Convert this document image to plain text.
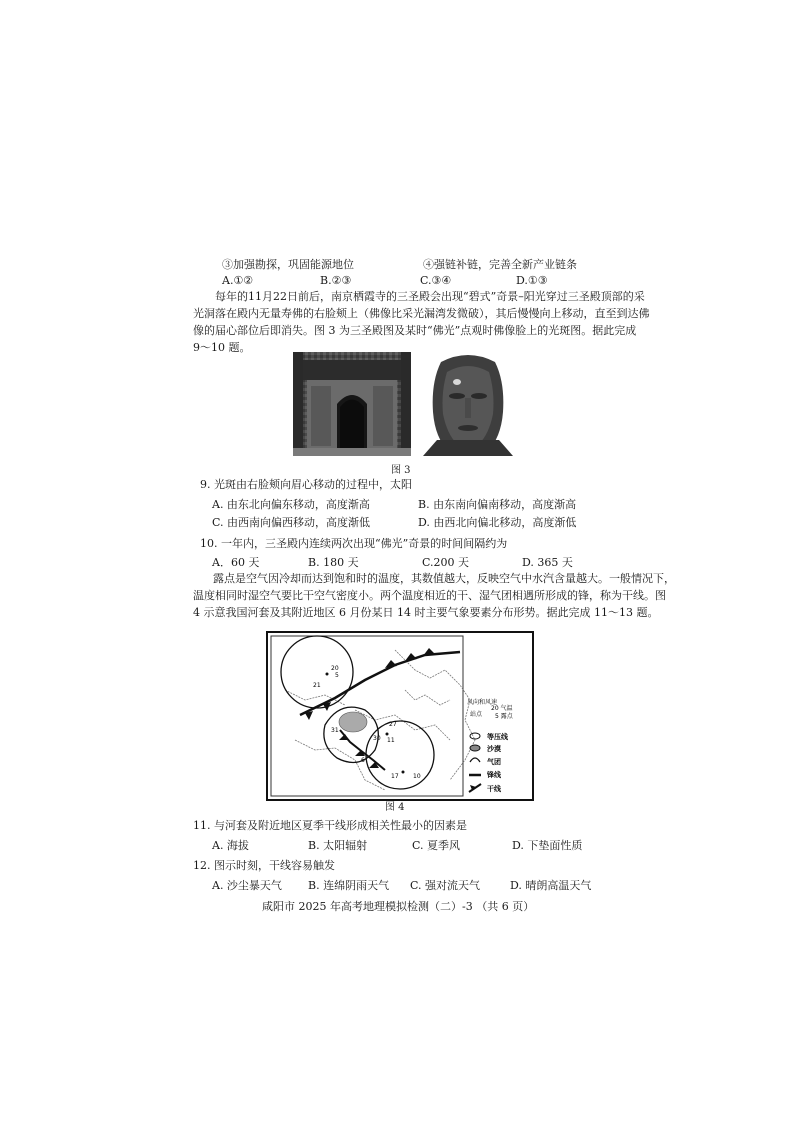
③加强勘探，巩固能源地位	④强链补链，完善全新产业链条
A.①②	B.②③	C.③④	D.①③
每年的11月22日前后，南京栖霞寺的三圣殿会出现“碧式”奇景–阳光穿过三圣殿顶部的采
光洞落在殿内无量寿佛的右脸颊上（佛像比采光漏湾发微破），其后慢慢向上移动，直至到达佛
像的届心部位后即消失。图 3 为三圣殿图及某时“佛光”点观时佛像脸上的光斑图。据此完成
9～10 题。
图 3
9. 光斑由右脸颊向眉心移动的过程中，太阳
A. 由东北向偏东移动，高度渐高	B. 由东南向偏南移动，高度渐高
C. 由西南向偏西移动，高度渐低	D. 由西北向偏北移动，高度渐低
10. 一年内，三圣殿内连续两次出现“佛光”奇景的时间间隔约为
A．60 天	B. 180 天	C.200 天	D. 365 天
露点是空气因冷却而达到饱和时的温度，其数值越大，反映空气中水汽含量越大。一般情况下，
温度相同时湿空气要比干空气密度小。两个温度相近的干、湿气团相遇所形成的锋，称为干线。图
4 示意我国河套及其附近地区 6 月份某日 14 时主要气象要素分布形势。据此完成 11～13 题。
20
5
21
31
27
11
17 10
30
6
风向和风速
站点
20 气温
5 露点
等压线
沙漠
气团
锋线
干线
图 4
11. 与河套及附近地区夏季干线形成相关性最小的因素是
A. 海拔	B. 太阳辐射	C. 夏季风	D. 下垫面性质
12. 图示时刻，干线容易触发
A. 沙尘暴天气 B. 连绵阴雨天气 C. 强对流天气	D. 晴朗高温天气
咸阳市 2025 年高考地理模拟检测（二）-3 （共 6 页）
